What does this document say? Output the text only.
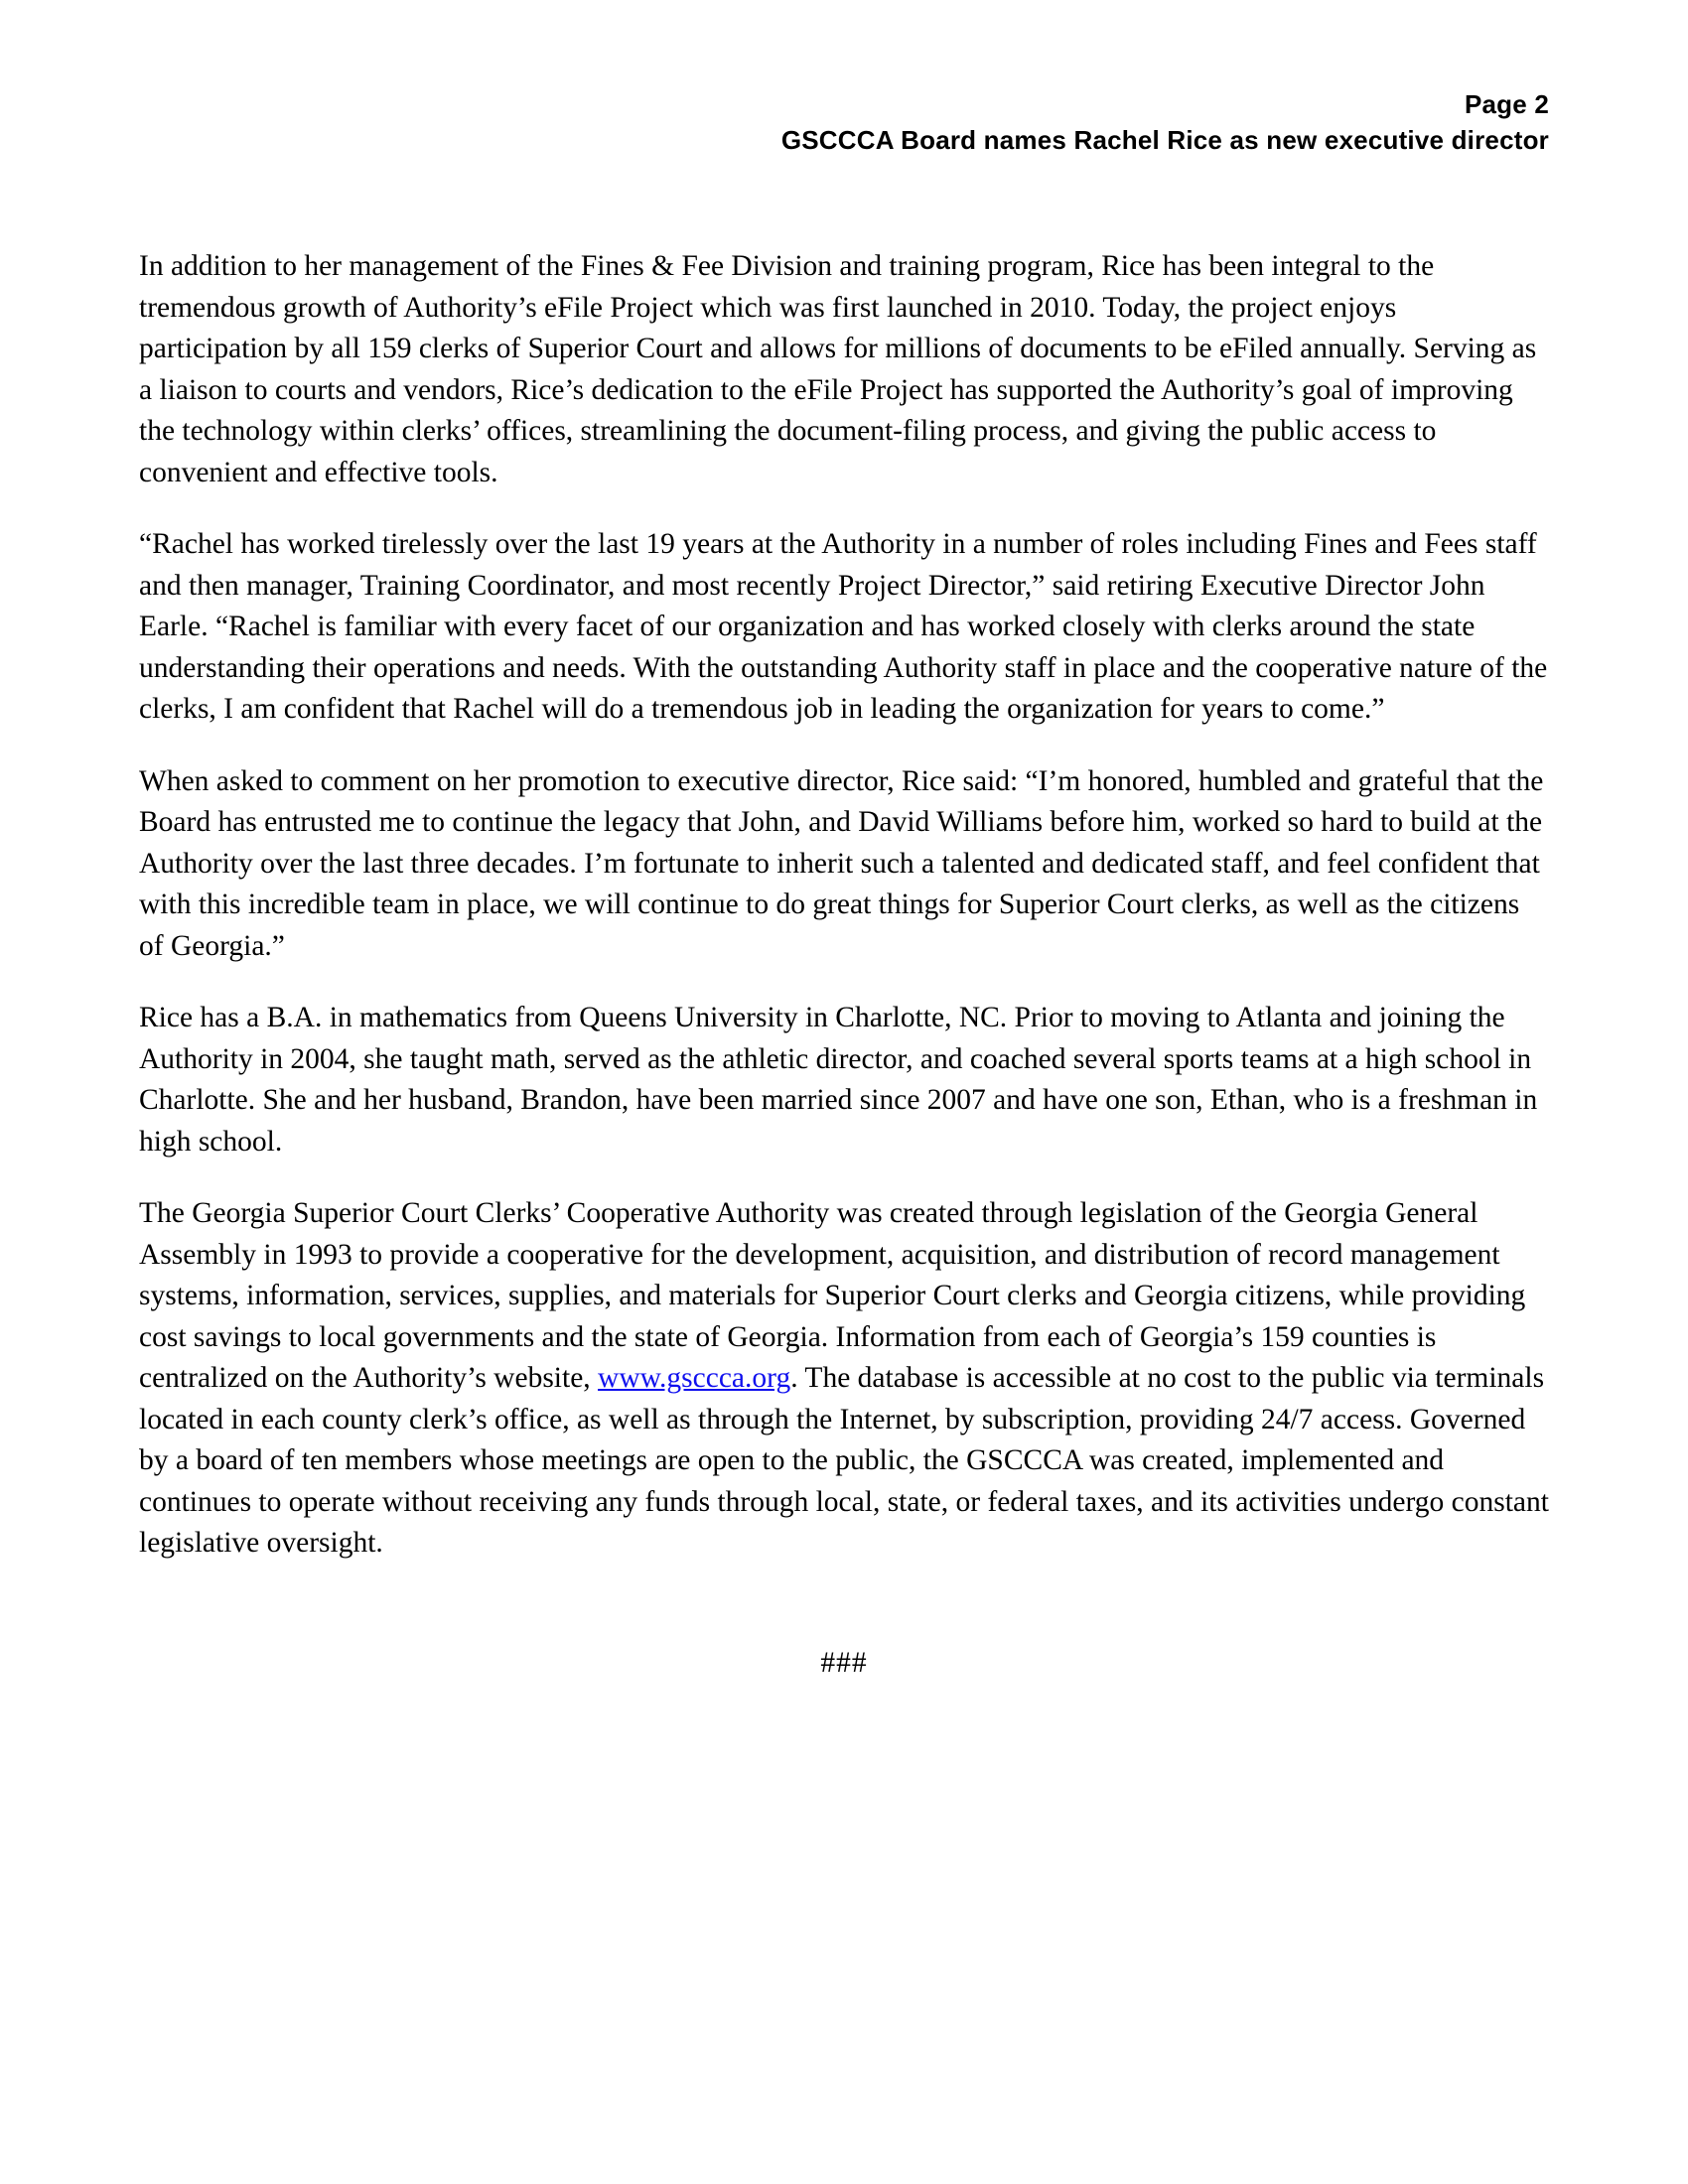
Page 2
GSCCCA Board names Rachel Rice as new executive director

In addition to her management of the Fines & Fee Division and training program, Rice has been integral to the tremendous growth of Authority’s eFile Project which was first launched in 2010. Today, the project enjoys participation by all 159 clerks of Superior Court and allows for millions of documents to be eFiled annually. Serving as a liaison to courts and vendors, Rice’s dedication to the eFile Project has supported the Authority’s goal of improving the technology within clerks’ offices, streamlining the document-filing process, and giving the public access to convenient and effective tools.

“Rachel has worked tirelessly over the last 19 years at the Authority in a number of roles including Fines and Fees staff and then manager, Training Coordinator, and most recently Project Director,” said retiring Executive Director John Earle. “Rachel is familiar with every facet of our organization and has worked closely with clerks around the state understanding their operations and needs. With the outstanding Authority staff in place and the cooperative nature of the clerks, I am confident that Rachel will do a tremendous job in leading the organization for years to come.”

When asked to comment on her promotion to executive director, Rice said: “I’m honored, humbled and grateful that the Board has entrusted me to continue the legacy that John, and David Williams before him, worked so hard to build at the Authority over the last three decades. I’m fortunate to inherit such a talented and dedicated staff, and feel confident that with this incredible team in place, we will continue to do great things for Superior Court clerks, as well as the citizens of Georgia.”

Rice has a B.A. in mathematics from Queens University in Charlotte, NC. Prior to moving to Atlanta and joining the Authority in 2004, she taught math, served as the athletic director, and coached several sports teams at a high school in Charlotte. She and her husband, Brandon, have been married since 2007 and have one son, Ethan, who is a freshman in high school.

The Georgia Superior Court Clerks’ Cooperative Authority was created through legislation of the Georgia General Assembly in 1993 to provide a cooperative for the development, acquisition, and distribution of record management systems, information, services, supplies, and materials for Superior Court clerks and Georgia citizens, while providing cost savings to local governments and the state of Georgia. Information from each of Georgia’s 159 counties is centralized on the Authority’s website, www.gsccca.org. The database is accessible at no cost to the public via terminals located in each county clerk’s office, as well as through the Internet, by subscription, providing 24/7 access. Governed by a board of ten members whose meetings are open to the public, the GSCCCA was created, implemented and continues to operate without receiving any funds through local, state, or federal taxes, and its activities undergo constant legislative oversight.

###
